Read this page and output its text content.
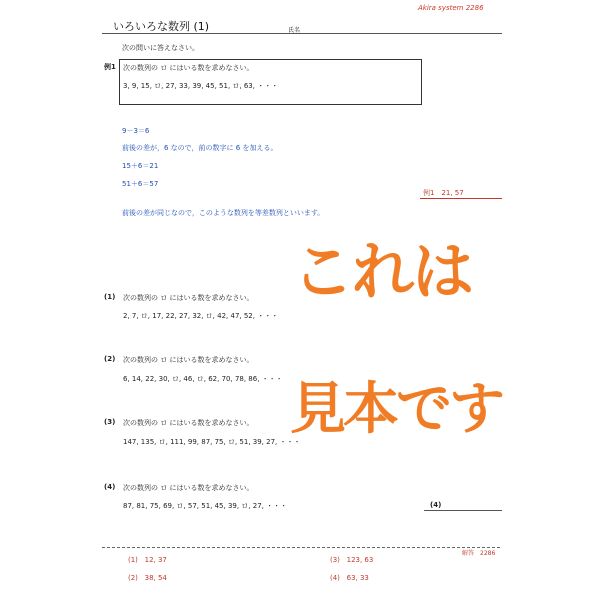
Akira system 2286
いろいろな数列 (1)	氏名
次の問いに答えなさい。
例1 次の数列の ロ にはいる数を求めなさい。
3, 9, 15, ロ, 27, 33, 39, 45, 51, ロ, 63, ・・・
9－3＝6
前後の差が，6 なので，前の数字に 6 を加える。
15＋6＝21
51＋6＝57
前後の差が同じなので，このような数列を等差数列といいます。
例1　21, 57
(1) 次の数列の ロ にはいる数を求めなさい。
2, 7, ロ, 17, 22, 27, 32, ロ, 42, 47, 52, ・・・
(2) 次の数列の ロ にはいる数を求めなさい。
6, 14, 22, 30, ロ, 46, ロ, 62, 70, 78, 86, ・・・
(3) 次の数列の ロ にはいる数を求めなさい。
147, 135, ロ, 111, 99, 87, 75, ロ, 51, 39, 27, ・・・
(4) 次の数列の ロ にはいる数を求めなさい。
87, 81, 75, 69, ロ, 57, 51, 45, 39, ロ, 27, ・・・	(4)
解答　2286
(1) 12, 37
(2) 38, 54
(3) 123, 63
(4) 63, 33
これは
見本です
